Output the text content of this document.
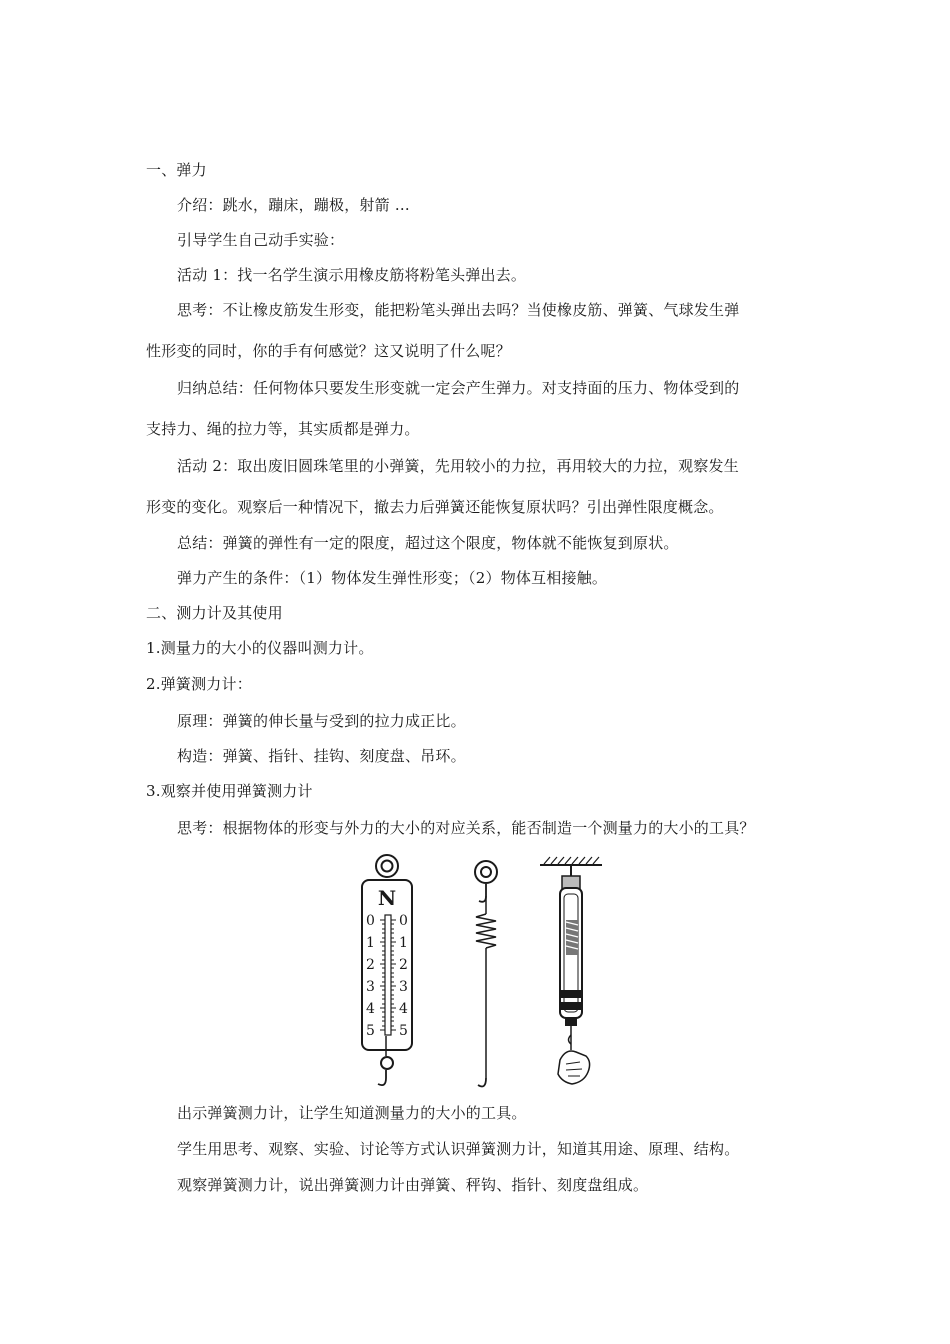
一、弹力
介绍：跳水，蹦床，蹦极，射箭 …
引导学生自己动手实验：
活动 1：找一名学生演示用橡皮筋将粉笔头弹出去。
思考：不让橡皮筋发生形变，能把粉笔头弹出去吗？当使橡皮筋、弹簧、气球发生弹
性形变的同时，你的手有何感觉？这又说明了什么呢？
归纳总结：任何物体只要发生形变就一定会产生弹力。对支持面的压力、物体受到的
支持力、绳的拉力等，其实质都是弹力。
活动 2：取出废旧圆珠笔里的小弹簧，先用较小的力拉，再用较大的力拉，观察发生
形变的变化。观察后一种情况下，撤去力后弹簧还能恢复原状吗？引出弹性限度概念。
总结：弹簧的弹性有一定的限度，超过这个限度，物体就不能恢复到原状。
弹力产生的条件：（1）物体发生弹性形变；（2）物体互相接触。
二、测力计及其使用
1.测量力的大小的仪器叫测力计。
2.弹簧测力计：
原理：弹簧的伸长量与受到的拉力成正比。
构造：弹簧、指针、挂钩、刻度盘、吊环。
3.观察并使用弹簧测力计
思考：根据物体的形变与外力的大小的对应关系，能否制造一个测量力的大小的工具？
N
0
1
2
3
4
5
0
1
2
3
4
5
出示弹簧测力计，让学生知道测量力的大小的工具。
学生用思考、观察、实验、讨论等方式认识弹簧测力计，知道其用途、原理、结构。
观察弹簧测力计，说出弹簧测力计由弹簧、秤钩、指针、刻度盘组成。
